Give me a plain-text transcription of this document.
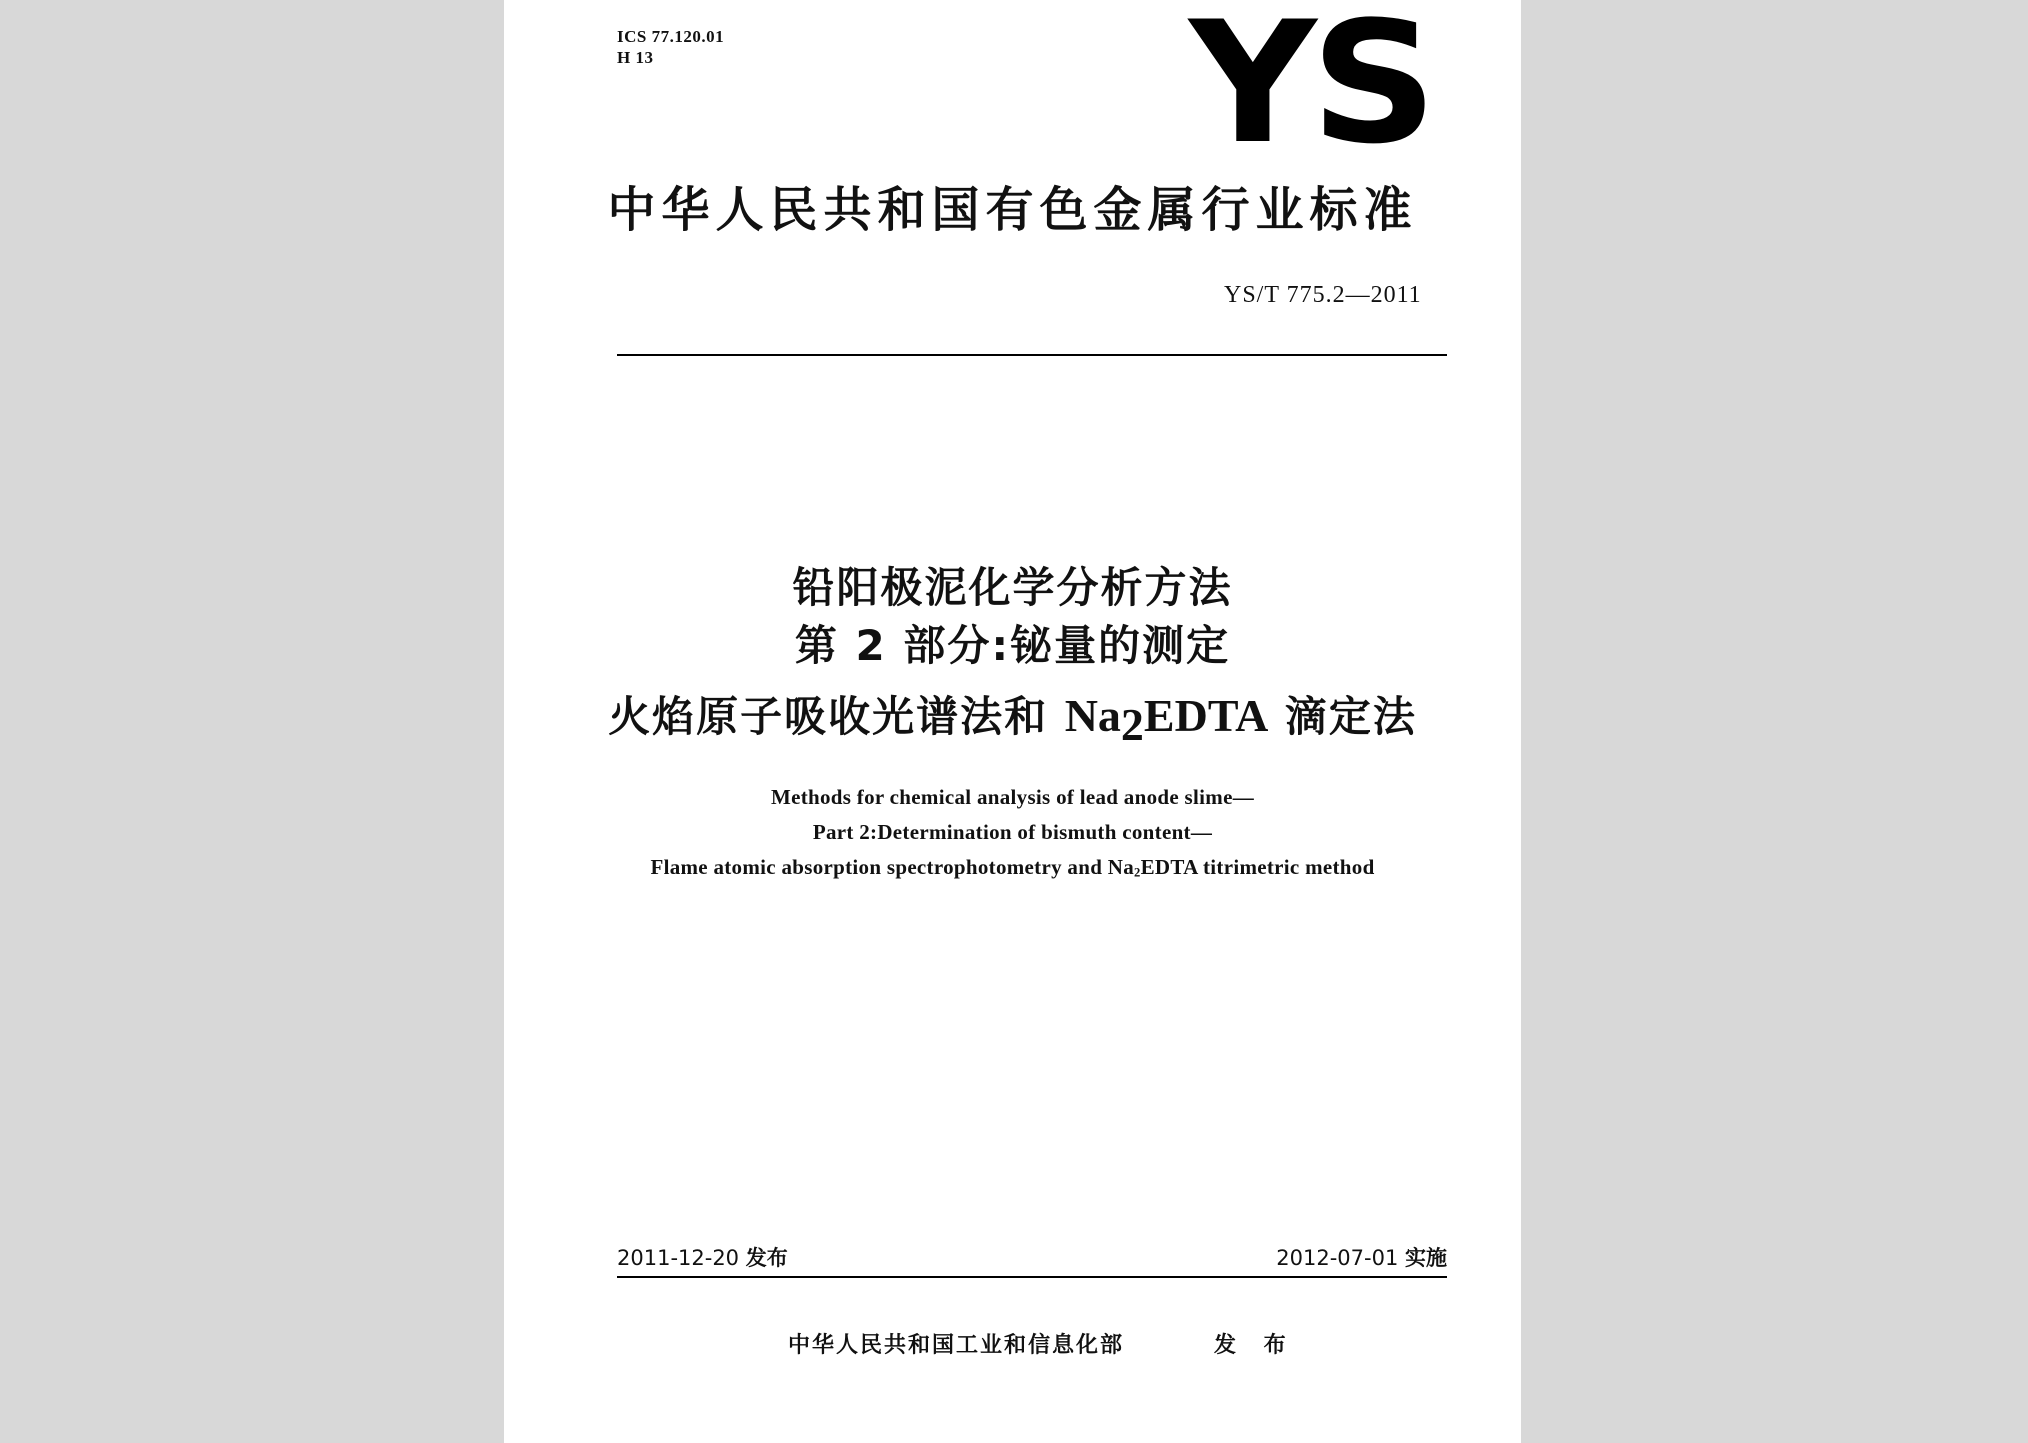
ICS 77.120.01
H 13	YS
中华人民共和国有色金属行业标准
YS/T 775.2—2011
铅阳极泥化学分析方法
第 2 部分:铋量的测定
火焰原子吸收光谱法和 $Na_2EDTA$ 滴定法
Methods for chemical analysis of lead anode slime—
Part 2:Determination of bismuth content—
Flame atomic absorption spectrophotometry and $Na_2EDTA$ titrimetric method
2011-12-20 发布	2012-07-01 实施
中华人民共和国工业和信息化部	发 布
